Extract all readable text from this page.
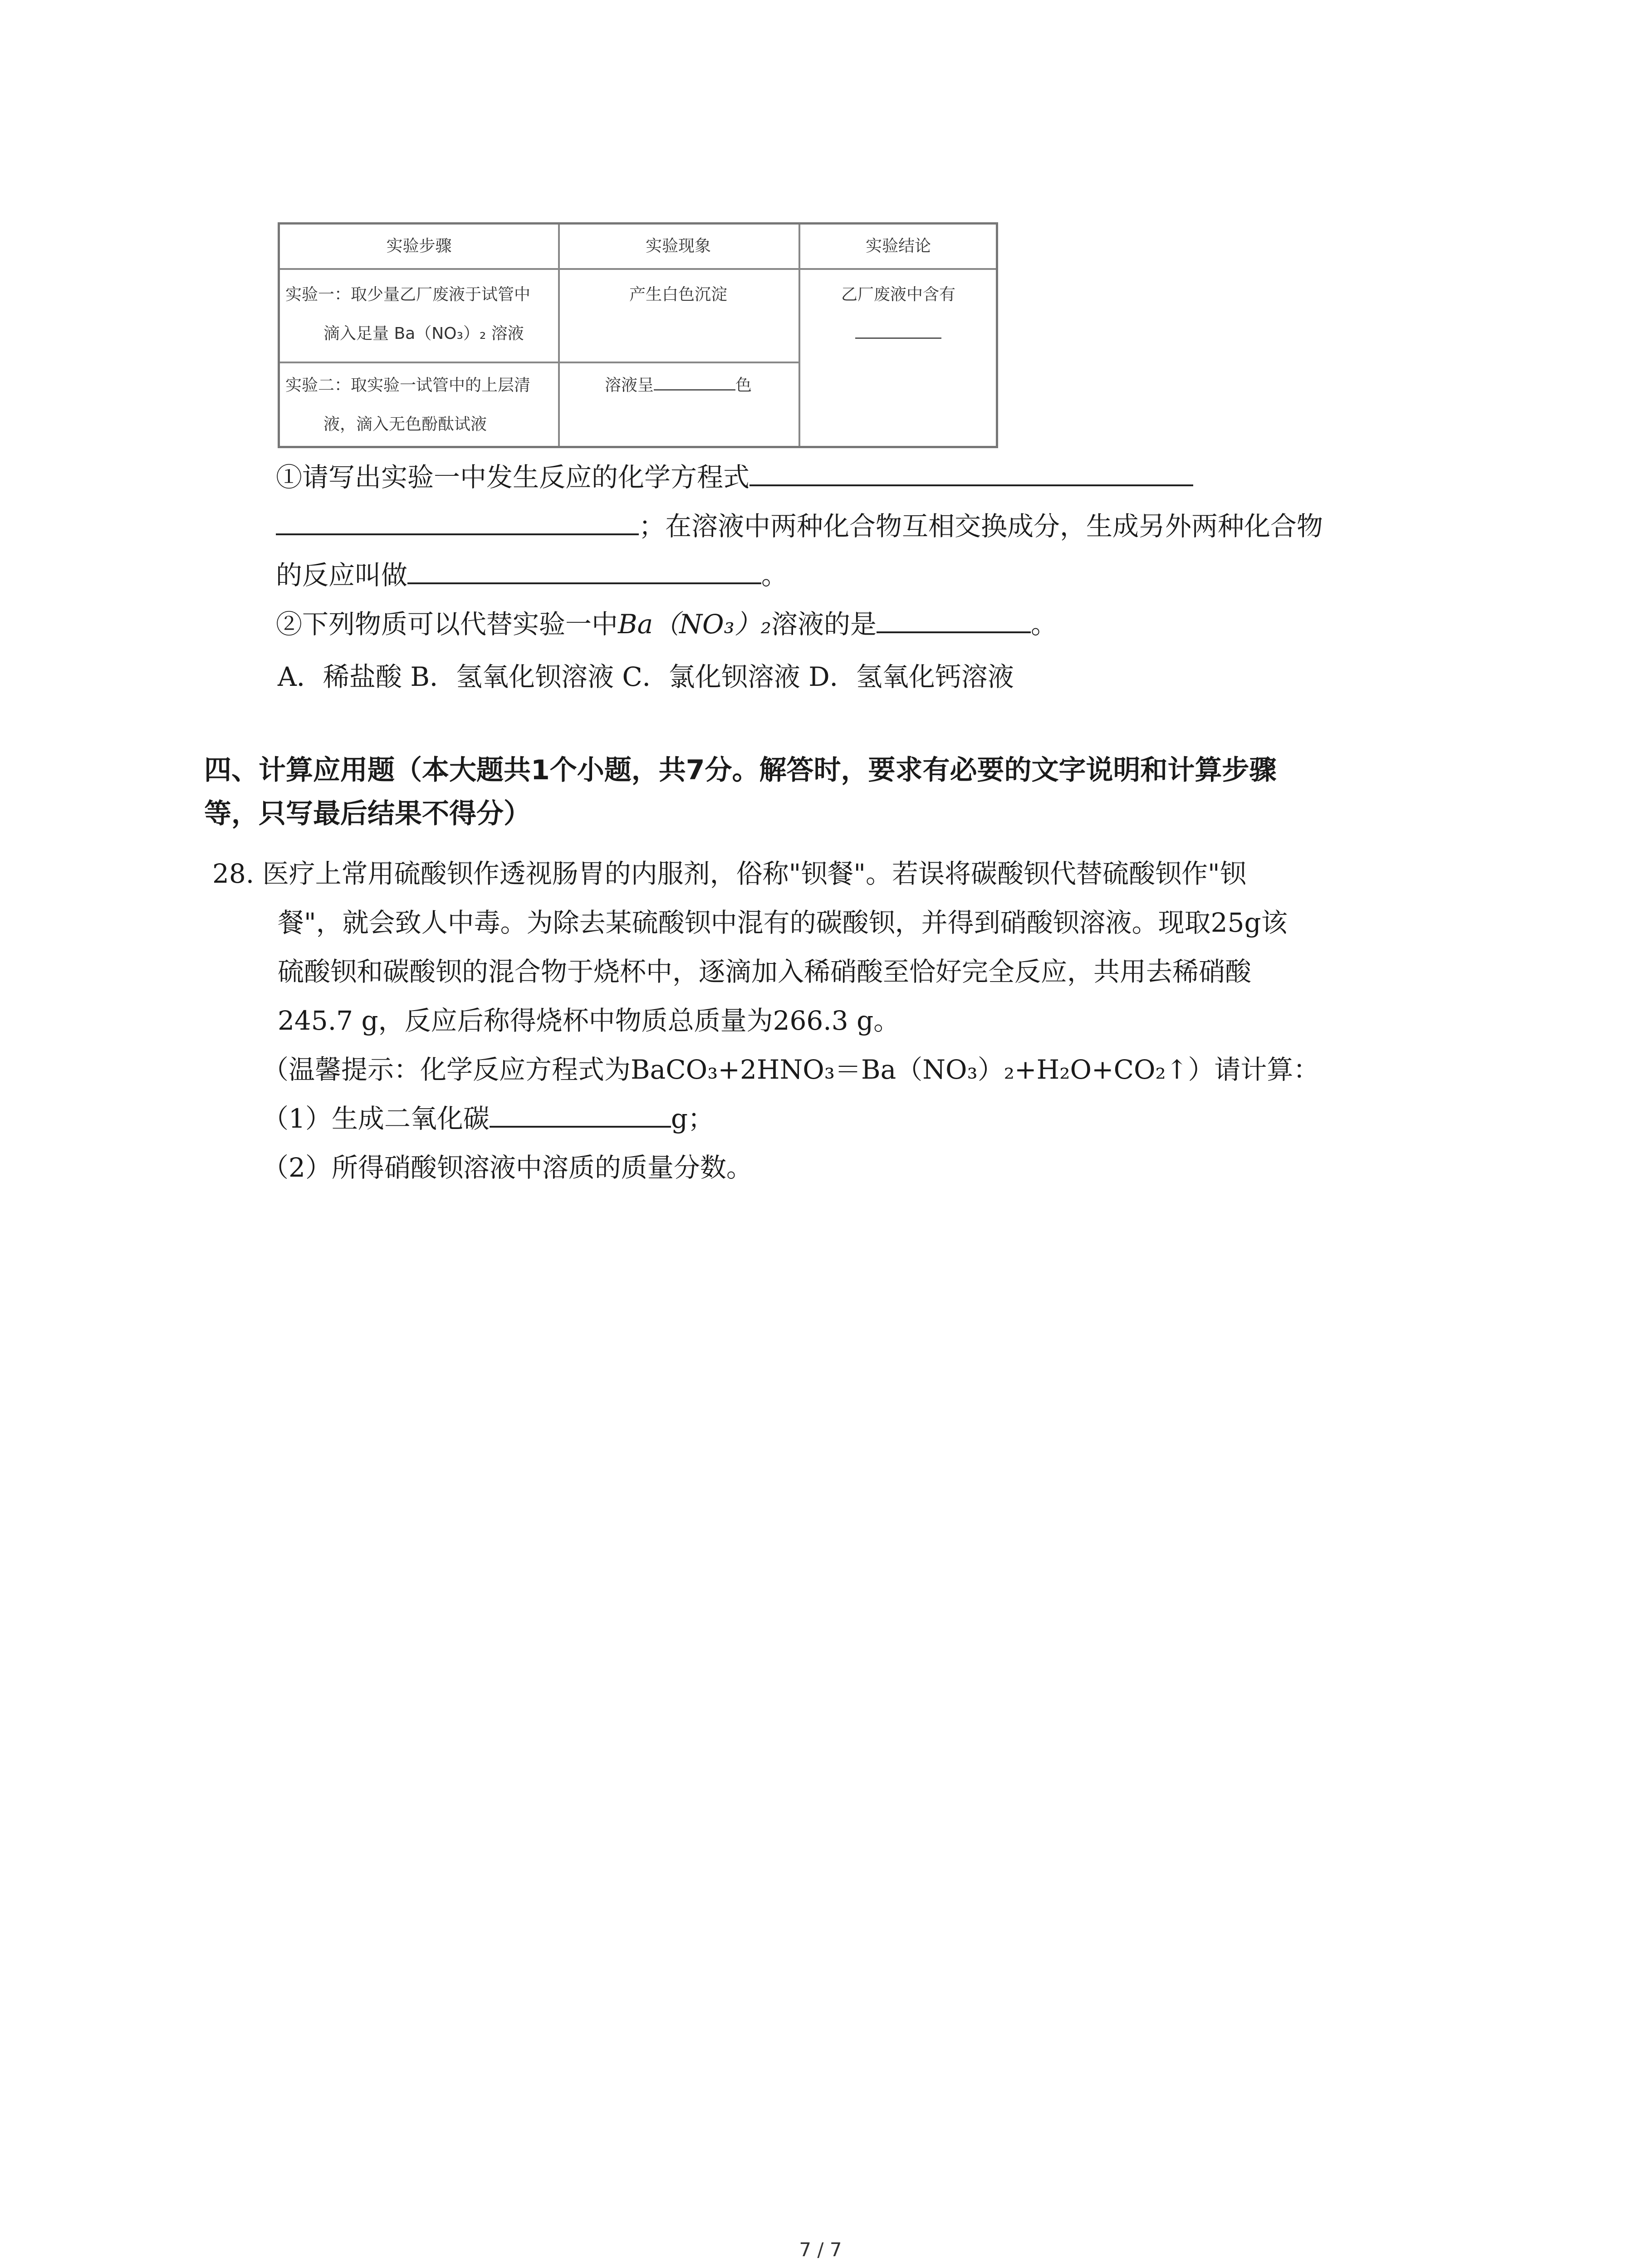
实验步骤	实验现象	实验结论
实验一：取少量乙厂废液于试管中
滴入足量 Ba（NO₃）₂ 溶液
产生白色沉淀	乙厂废液中含有
实验二：取实验一试管中的上层清
液，滴入无色酚酞试液
溶液呈	色
①请写出实验一中发生反应的化学方程式
；在溶液中两种化合物互相交换成分，生成另外两种化合物
的反应叫做	。
②下列物质可以代替实验一中Ba（NO₃）₂溶液的是	。
A．稀盐酸 B．氢氧化钡溶液 C．氯化钡溶液 D．氢氧化钙溶液
四、计算应用题（本大题共1个小题，共7分。解答时，要求有必要的文字说明和计算步骤
等，只写最后结果不得分）
28. 医疗上常用硫酸钡作透视肠胃的内服剂，俗称"钡餐"。若误将碳酸钡代替硫酸钡作"钡
餐"，就会致人中毒。为除去某硫酸钡中混有的碳酸钡，并得到硝酸钡溶液。现取25g该
硫酸钡和碳酸钡的混合物于烧杯中，逐滴加入稀硝酸至恰好完全反应，共用去稀硝酸
245.7 g，反应后称得烧杯中物质总质量为266.3 g。
（温馨提示：化学反应方程式为BaCO₃+2HNO₃＝Ba（NO₃）₂+H₂O+CO₂↑）请计算：
（1）生成二氧化碳	g；
（2）所得硝酸钡溶液中溶质的质量分数。
7 / 7
